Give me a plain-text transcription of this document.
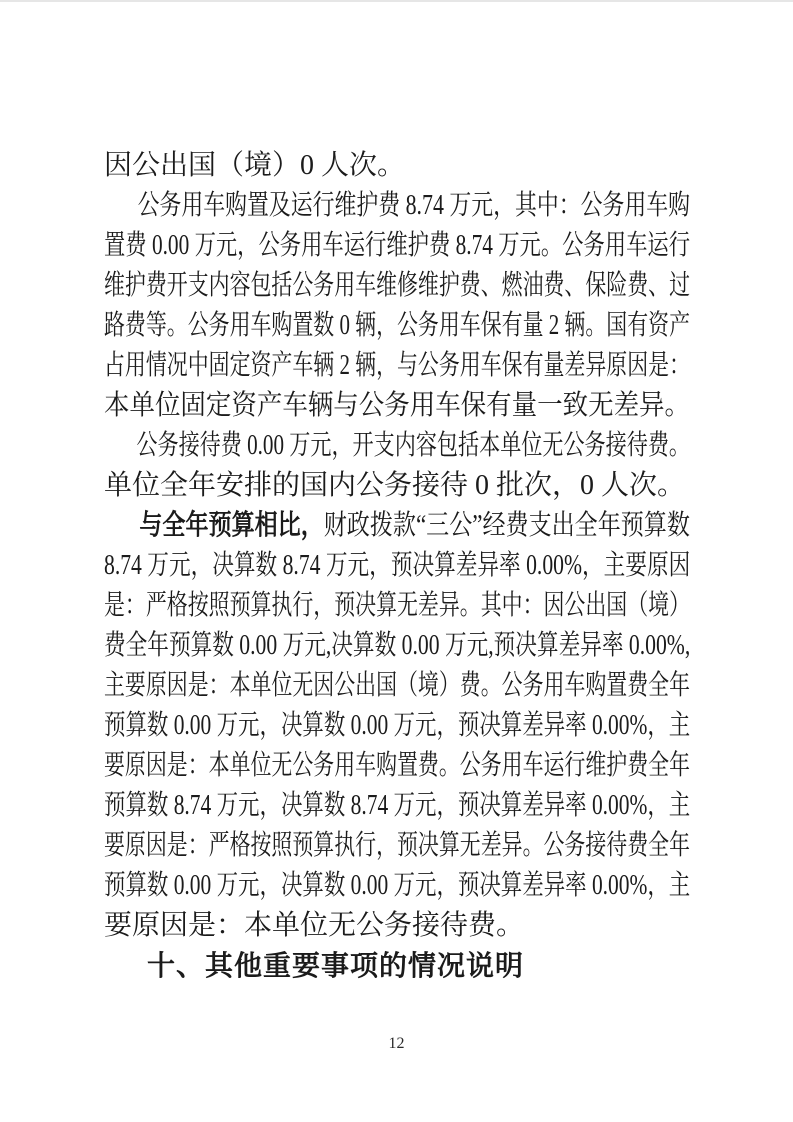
因公出国（境）0 人次。
公务用车购置及运行维护费 8.74 万元，其中：公务用车购
置费 0.00 万元，公务用车运行维护费 8.74 万元。公务用车运行
维护费开支内容包括公务用车维修维护费、燃油费、保险费、过
路费等。公务用车购置数 0 辆，公务用车保有量 2 辆。国有资产
占用情况中固定资产车辆 2 辆，与公务用车保有量差异原因是：
本单位固定资产车辆与公务用车保有量一致无差异。
公务接待费 0.00 万元，开支内容包括本单位无公务接待费。
单位全年安排的国内公务接待 0 批次，0 人次。
与全年预算相比，财政拨款“三公”经费支出全年预算数
8.74 万元，决算数 8.74 万元，预决算差异率 0.00%，主要原因
是：严格按照预算执行，预决算无差异。其中：因公出国（境）
费全年预算数 0.00 万元,决算数 0.00 万元,预决算差异率 0.00%,
主要原因是：本单位无因公出国（境）费。公务用车购置费全年
预算数 0.00 万元，决算数 0.00 万元，预决算差异率 0.00%，主
要原因是：本单位无公务用车购置费。公务用车运行维护费全年
预算数 8.74 万元，决算数 8.74 万元，预决算差异率 0.00%，主
要原因是：严格按照预算执行，预决算无差异。公务接待费全年
预算数 0.00 万元，决算数 0.00 万元，预决算差异率 0.00%，主
要原因是：本单位无公务接待费。
十、其他重要事项的情况说明
12
